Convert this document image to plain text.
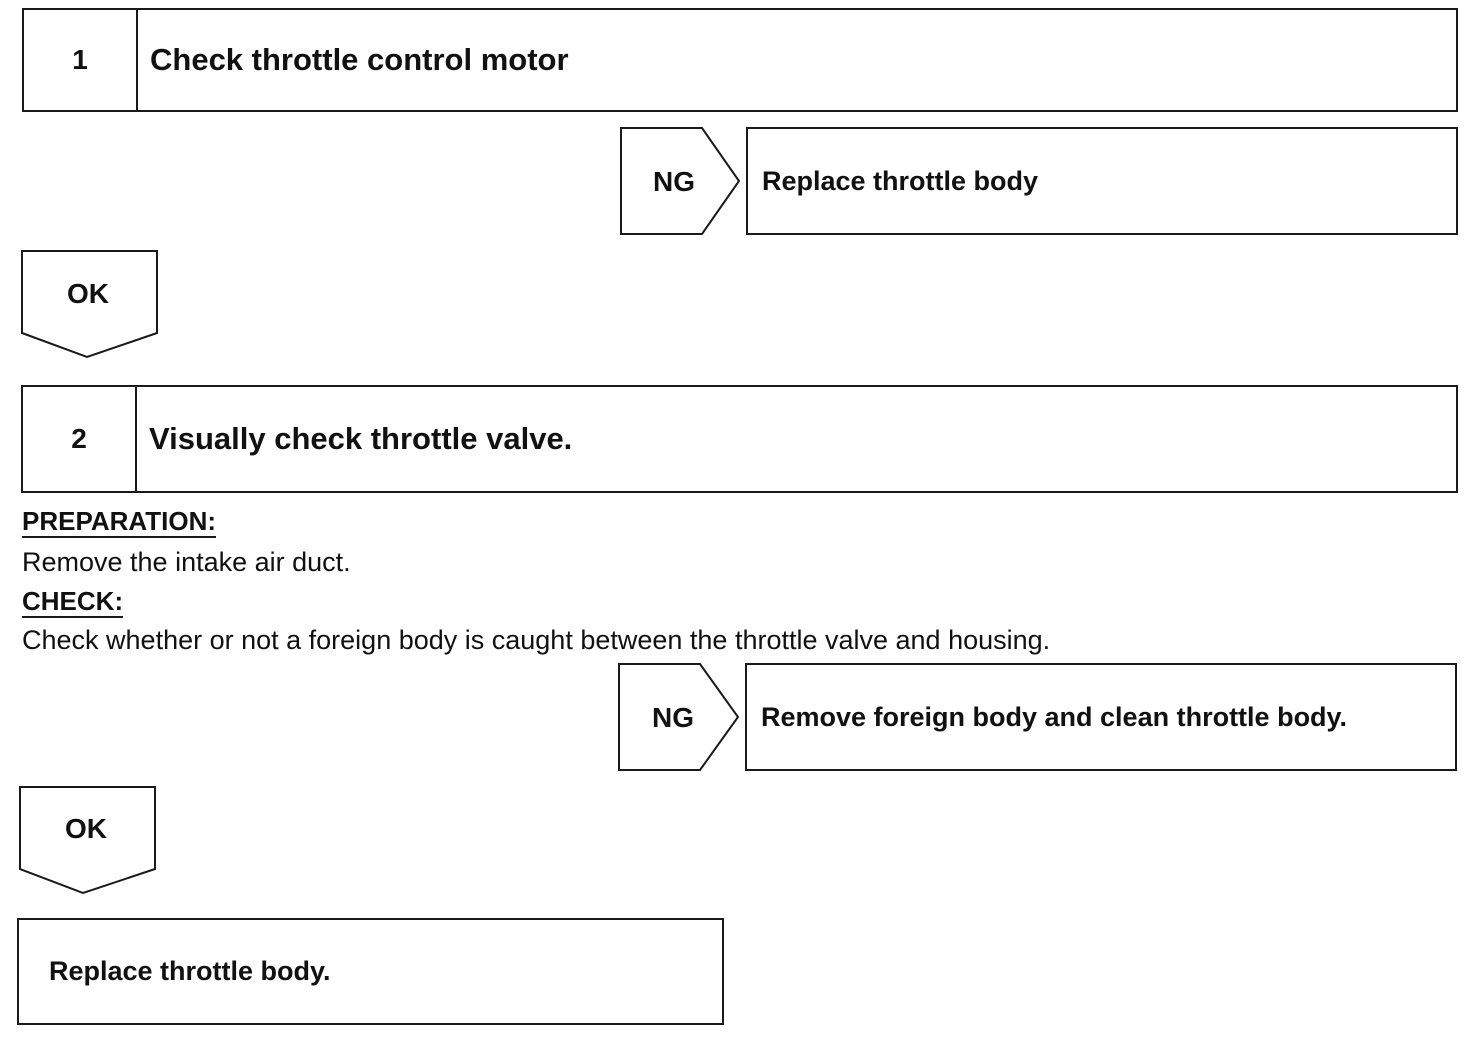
1	Check throttle control motor
NG	Replace throttle body
OK
2	Visually check throttle valve.
PREPARATION:
Remove the intake air duct.
CHECK:
Check whether or not a foreign body is caught between the throttle valve and housing.
NG	Remove foreign body and clean throttle body.
OK
Replace throttle body.
